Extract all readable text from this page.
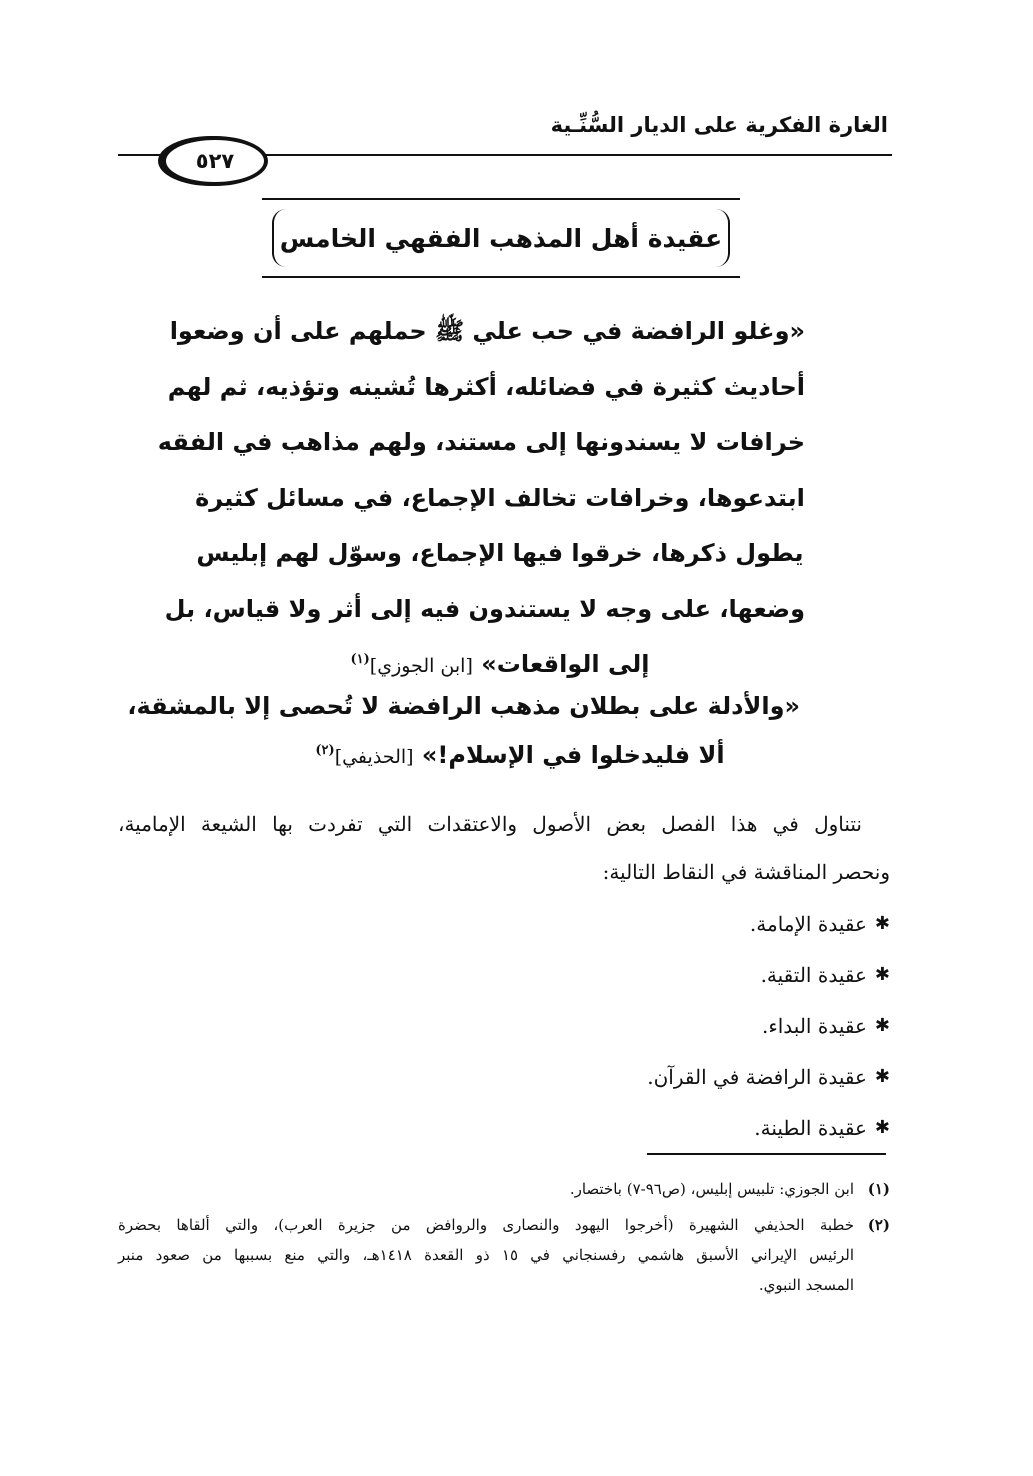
الغارة الفكرية على الديار السُّنِّـية
٥٢٧
عقيدة أهل المذهب الفقهي الخامس
«وغلو الرافضة في حب علي ﷺ حملهم على أن وضعوا
أحاديث كثيرة في فضائله، أكثرها تُشينه وتؤذيه، ثم لهم
خرافات لا يسندونها إلى مستند، ولهم مذاهب في الفقه
ابتدعوها، وخرافات تخالف الإجماع، في مسائل كثيرة
يطول ذكرها، خرقوا فيها الإجماع، وسوّل لهم إبليس
وضعها، على وجه لا يستندون فيه إلى أثر ولا قياس، بل
إلى الواقعات» [ابن الجوزي]$^{(١)}$
«والأدلة على بطلان مذهب الرافضة لا تُحصى إلا بالمشقة،
ألا فليدخلوا في الإسلام!» [الحذيفي]$^{(٢)}$
نتناول في هذا الفصل بعض الأصول والاعتقدات التي تفردت بها الشيعة الإمامية،
ونحصر المناقشة في النقاط التالية:
✱
عقيدة الإمامة.
✱
عقيدة التقية.
✱
عقيدة البداء.
✱
عقيدة الرافضة في القرآن.
✱
عقيدة الطينة.
(١)
ابن الجوزي: تلبيس إبليس، (ص٩٦-٧) باختصار.
(٢)
خطبة الحذيفي الشهيرة (أخرجوا اليهود والنصارى والروافض من جزيرة العرب)، والتي ألقاها بحضرة
الرئيس الإيراني الأسبق هاشمي رفسنجاني في ١٥ ذو القعدة ١٤١٨هـ، والتي منع بسببها من صعود منبر
المسجد النبوي.
